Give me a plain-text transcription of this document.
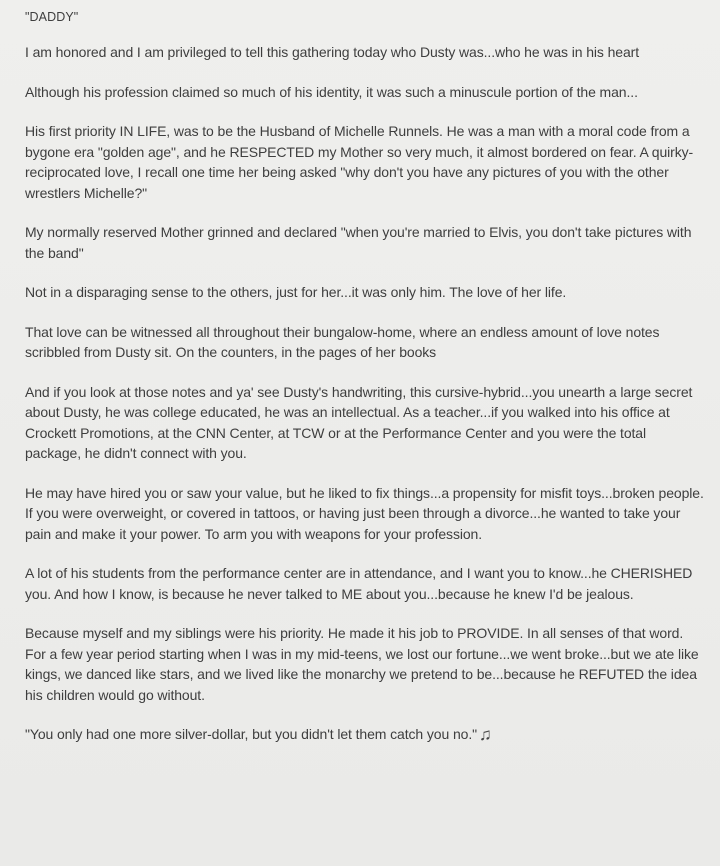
"DADDY"

I am honored and I am privileged to tell this gathering today who Dusty was...who he was in his heart

Although his profession claimed so much of his identity, it was such a minuscule portion of the man...

His first priority IN LIFE, was to be the Husband of Michelle Runnels. He was a man with a moral code from a bygone era "golden age", and he RESPECTED my Mother so very much, it almost bordered on fear. A quirky-reciprocated love, I recall one time her being asked "why don't you have any pictures of you with the other wrestlers Michelle?"

My normally reserved Mother grinned and declared "when you're married to Elvis, you don't take pictures with the band"

Not in a disparaging sense to the others, just for her...it was only him. The love of her life.

That love can be witnessed all throughout their bungalow-home, where an endless amount of love notes scribbled from Dusty sit. On the counters, in the pages of her books

And if you look at those notes and ya' see Dusty's handwriting, this cursive-hybrid...you unearth a large secret about Dusty, he was college educated, he was an intellectual. As a teacher...if you walked into his office at Crockett Promotions, at the CNN Center, at TCW or at the Performance Center and you were the total package, he didn't connect with you.

He may have hired you or saw your value, but he liked to fix things...a propensity for misfit toys...broken people. If you were overweight, or covered in tattoos, or having just been through a divorce...he wanted to take your pain and make it your power. To arm you with weapons for your profession.

A lot of his students from the performance center are in attendance, and I want you to know...he CHERISHED you. And how I know, is because he never talked to ME about you...because he knew I'd be jealous.

Because myself and my siblings were his priority. He made it his job to PROVIDE. In all senses of that word. For a few year period starting when I was in my mid-teens, we lost our fortune...we went broke...but we ate like kings, we danced like stars, and we lived like the monarchy we pretend to be...because he REFUTED the idea his children would go without.

"You only had one more silver-dollar, but you didn't let them catch you no." ♫
